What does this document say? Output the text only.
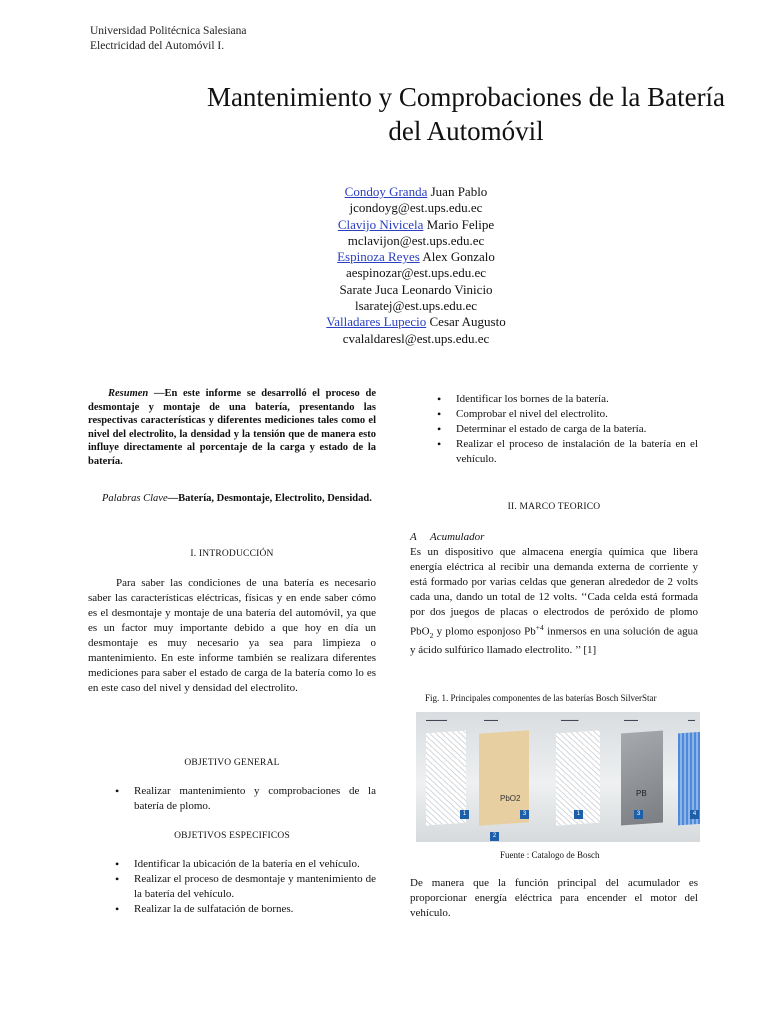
Universidad Politécnica Salesiana
Electricidad del Automóvil I.
Mantenimiento y Comprobaciones de la Batería
del Automóvil
Condoy Granda Juan Pablo
jcondoyg@est.ups.edu.ec
Clavijo Nivicela Mario Felipe
mclavijon@est.ups.edu.ec
Espinoza Reyes Alex Gonzalo
aespinozar@est.ups.edu.ec
Sarate Juca Leonardo Vinicio
lsaratej@est.ups.edu.ec
Valladares Lupecio Cesar Augusto
cvalaldaresl@est.ups.edu.ec
Resumen —En este informe se desarrolló el proceso de desmontaje y montaje de una batería, presentando las respectivas características y diferentes mediciones tales como el nivel del electrolito, la densidad y la tensión que de manera esto influye directamente al porcentaje de la carga y estado de la batería.
Palabras Clave—Batería, Desmontaje, Electrolito, Densidad.
I. INTRODUCCIÓN
Para saber las condiciones de una batería es necesario saber las características eléctricas, físicas y en ende saber cómo es el desmontaje y montaje de una batería del automóvil, ya que es un factor muy importante debido a que hoy en día un desmontaje es muy necesario ya sea para limpieza o mantenimiento. En este informe también se realizara diferentes mediciones para saber el estado de carga de la batería como lo es en este caso del nivel y densidad del electrolito.
OBJETIVO GENERAL
• Realizar mantenimiento y comprobaciones de la batería de plomo.
OBJETIVOS ESPECIFICOS
• Identificar la ubicación de la batería en el vehículo.
• Realizar el proceso de desmontaje y mantenimiento de la batería del vehículo.
• Realizar la de sulfatación de bornes.
• Identificar los bornes de la batería.
• Comprobar el nivel del electrolito.
• Determinar el estado de carga de la batería.
• Realizar el proceso de instalación de la batería en el vehículo.
II. MARCO TEORICO
A Acumulador
Es un dispositivo que almacena energía química que libera energía eléctrica al recibir una demanda externa de corriente y está formado por varias celdas que generan alrededor de 2 volts cada una, dando un total de 12 volts. ‘‘Cada celda está formada por dos juegos de placas o electrodos de peróxido de plomo PbO$_2$ y plomo esponjoso $Pb^{+4}$ inmersos en una solución de agua y ácido sulfúrico llamado electrolito. ’’ [1]
Fig. 1. Principales componentes de las baterías Bosch SilverStar
PbO2
PB
▬▬▬▬▬▬	▬▬▬▬	▬▬▬▬▬	▬▬▬▬	▬▬
1	3	1	3	4
2
Fuente : Catalogo de Bosch
De manera que la función principal del acumulador es proporcionar energía eléctrica para encender el motor del vehículo.
